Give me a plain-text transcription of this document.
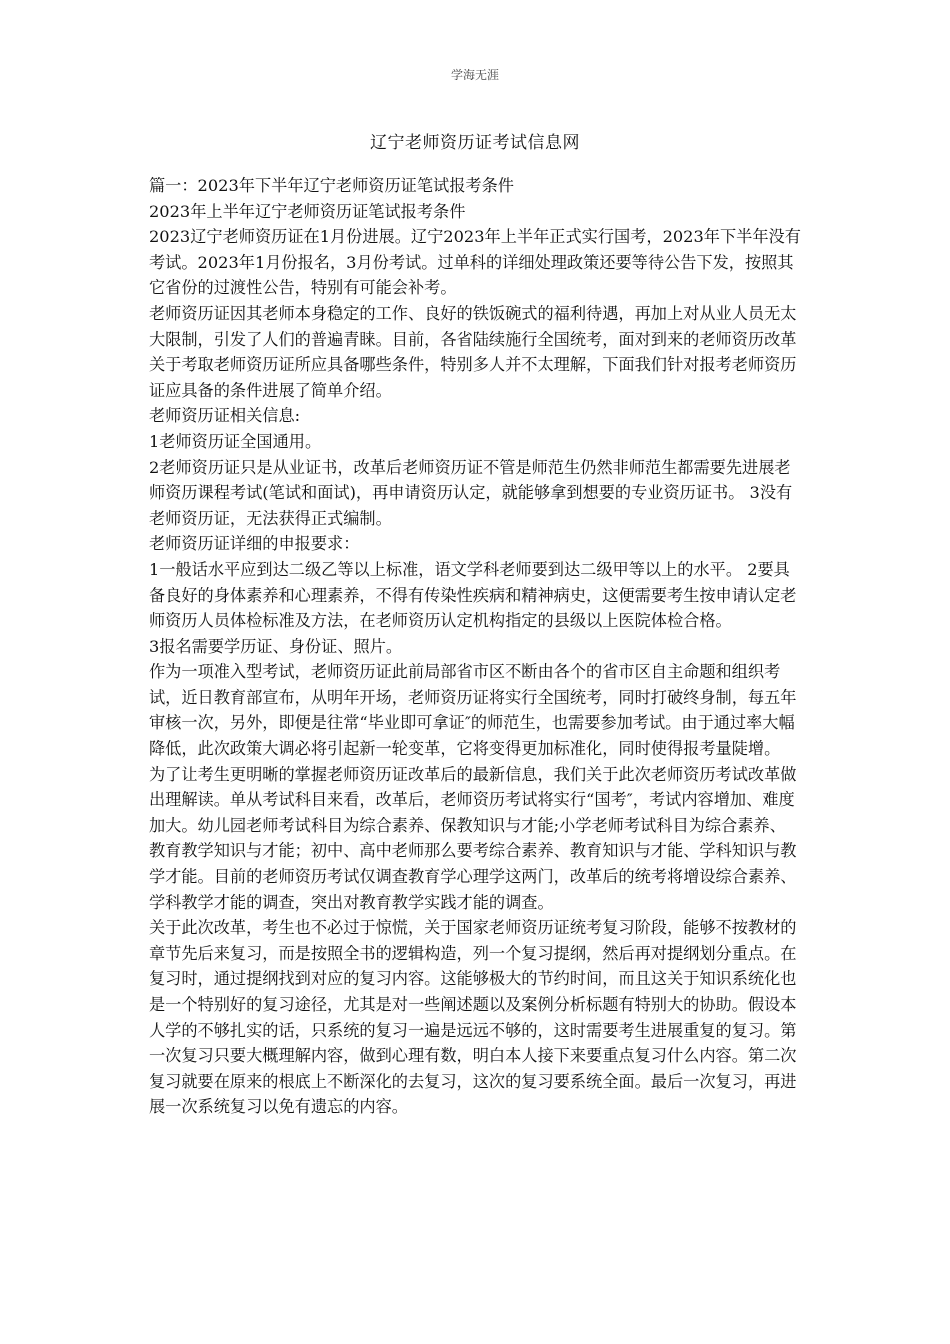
学海无涯
辽宁老师资历证考试信息网

篇一：2023年下半年辽宁老师资历证笔试报考条件

2023年上半年辽宁老师资历证笔试报考条件

2023辽宁老师资历证在1月份进展。辽宁2023年上半年正式实行国考，2023年下半年没有考试。2023年1月份报名，3月份考试。过单科的详细处理政策还要等待公告下发，按照其它省份的过渡性公告，特别有可能会补考。

老师资历证因其老师本身稳定的工作、良好的铁饭碗式的福利待遇，再加上对从业人员无太大限制，引发了人们的普遍青睐。目前，各省陆续施行全国统考，面对到来的老师资历改革关于考取老师资历证所应具备哪些条件，特别多人并不太理解，下面我们针对报考老师资历证应具备的条件进展了简单介绍。

老师资历证相关信息:

1老师资历证全国通用。

2老师资历证只是从业证书，改革后老师资历证不管是师范生仍然非师范生都需要先进展老师资历课程考试(笔试和面试)，再申请资历认定，就能够拿到想要的专业资历证书。 3没有老师资历证，无法获得正式编制。

老师资历证详细的申报要求：

1一般话水平应到达二级乙等以上标准，语文学科老师要到达二级甲等以上的水平。 2要具备良好的身体素养和心理素养，不得有传染性疾病和精神病史，这便需要考生按申请认定老师资历人员体检标准及方法，在老师资历认定机构指定的县级以上医院体检合格。

3报名需要学历证、身份证、照片。

作为一项准入型考试，老师资历证此前局部省市区不断由各个的省市区自主命题和组织考试，近日教育部宣布，从明年开场，老师资历证将实行全国统考，同时打破终身制，每五年审核一次，另外，即便是往常“毕业即可拿证″的师范生，也需要参加考试。由于通过率大幅降低，此次政策大调必将引起新一轮变革，它将变得更加标准化，同时使得报考量陡增。 为了让考生更明晰的掌握老师资历证改革后的最新信息，我们关于此次老师资历考试改革做出理解读。单从考试科目来看，改革后，老师资历考试将实行“国考″，考试内容增加、难度加大。幼儿园老师考试科目为综合素养、保教知识与才能;小学老师考试科目为综合素养、教育教学知识与才能；初中、高中老师那么要考综合素养、教育知识与才能、学科知识与教学才能。目前的老师资历考试仅调查教育学心理学这两门，改革后的统考将增设综合素养、学科教学才能的调查，突出对教育教学实践才能的调查。

关于此次改革，考生也不必过于惊慌，关于国家老师资历证统考复习阶段，能够不按教材的章节先后来复习，而是按照全书的逻辑构造，列一个复习提纲，然后再对提纲划分重点。在复习时，通过提纲找到对应的复习内容。这能够极大的节约时间，而且这关于知识系统化也是一个特别好的复习途径，尤其是对一些阐述题以及案例分析标题有特别大的协助。假设本人学的不够扎实的话，只系统的复习一遍是远远不够的，这时需要考生进展重复的复习。第一次复习只要大概理解内容，做到心理有数，明白本人接下来要重点复习什么内容。第二次复习就要在原来的根底上不断深化的去复习，这次的复习要系统全面。最后一次复习，再进展一次系统复习以免有遗忘的内容。
